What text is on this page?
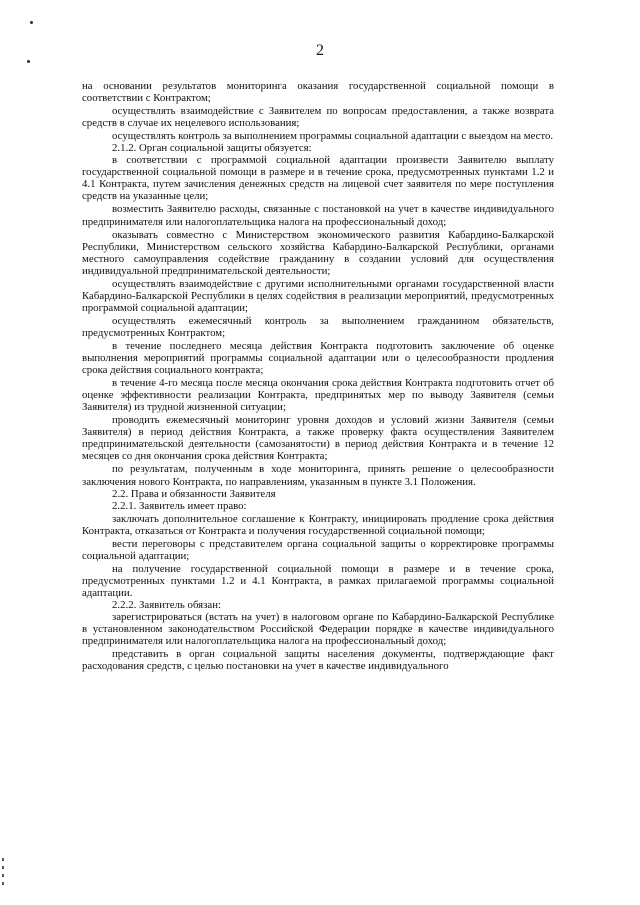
2

на основании результатов мониторинга оказания государственной социальной помощи в соответствии с Контрактом;

осуществлять взаимодействие с Заявителем по вопросам предоставления, а также возврата средств в случае их нецелевого использования;

осуществлять контроль за выполнением программы социальной адаптации с выездом на место.

2.1.2. Орган социальной защиты обязуется:

в соответствии с программой социальной адаптации произвести Заявителю выплату государственной социальной помощи в размере и в течение срока, предусмотренных пунктами 1.2 и 4.1 Контракта, путем зачисления денежных средств на лицевой счет заявителя по мере поступления средств на указанные цели;

возместить Заявителю расходы, связанные с постановкой на учет в качестве индивидуального предпринимателя или налогоплательщика налога на профессиональный доход;

оказывать совместно с Министерством экономического развития Кабардино-Балкарской Республики, Министерством сельского хозяйства Кабардино-Балкарской Республики, органами местного самоуправления содействие гражданину в создании условий для осуществления индивидуальной предпринимательской деятельности;

осуществлять взаимодействие с другими исполнительными органами государственной власти Кабардино-Балкарской Республики в целях содействия в реализации мероприятий, предусмотренных программой социальной адаптации;

осуществлять ежемесячный контроль за выполнением гражданином обязательств, предусмотренных Контрактом;

в течение последнего месяца действия Контракта подготовить заключение об оценке выполнения мероприятий программы социальной адаптации или о целесообразности продления срока действия социального контракта;

в течение 4-го месяца после месяца окончания срока действия Контракта подготовить отчет об оценке эффективности реализации Контракта, предпринятых мер по выводу Заявителя (семьи Заявителя) из трудной жизненной ситуации;

проводить ежемесячный мониторинг уровня доходов и условий жизни Заявителя (семьи Заявителя) в период действия Контракта, а также проверку факта осуществления Заявителем предпринимательской деятельности (самозанятости) в период действия Контракта и в течение 12 месяцев со дня окончания срока действия Контракта;

по результатам, полученным в ходе мониторинга, принять решение о целесообразности заключения нового Контракта, по направлениям, указанным в пункте 3.1 Положения.

2.2. Права и обязанности Заявителя

2.2.1. Заявитель имеет право:

заключать дополнительное соглашение к Контракту, инициировать продление срока действия Контракта, отказаться от Контракта и получения государственной социальной помощи;

вести переговоры с представителем органа социальной защиты о корректировке программы социальной адаптации;

на получение государственной социальной помощи в размере и в течение срока, предусмотренных пунктами 1.2 и 4.1 Контракта, в рамках прилагаемой программы социальной адаптации.

2.2.2. Заявитель обязан:

зарегистрироваться (встать на учет) в налоговом органе по Кабардино-Балкарской Республике в установленном законодательством Российской Федерации порядке в качестве индивидуального предпринимателя или налогоплательщика налога на профессиональный доход;

представить в орган социальной защиты населения документы, подтверждающие факт расходования средств, с целью постановки на учет в качестве индивидуального
